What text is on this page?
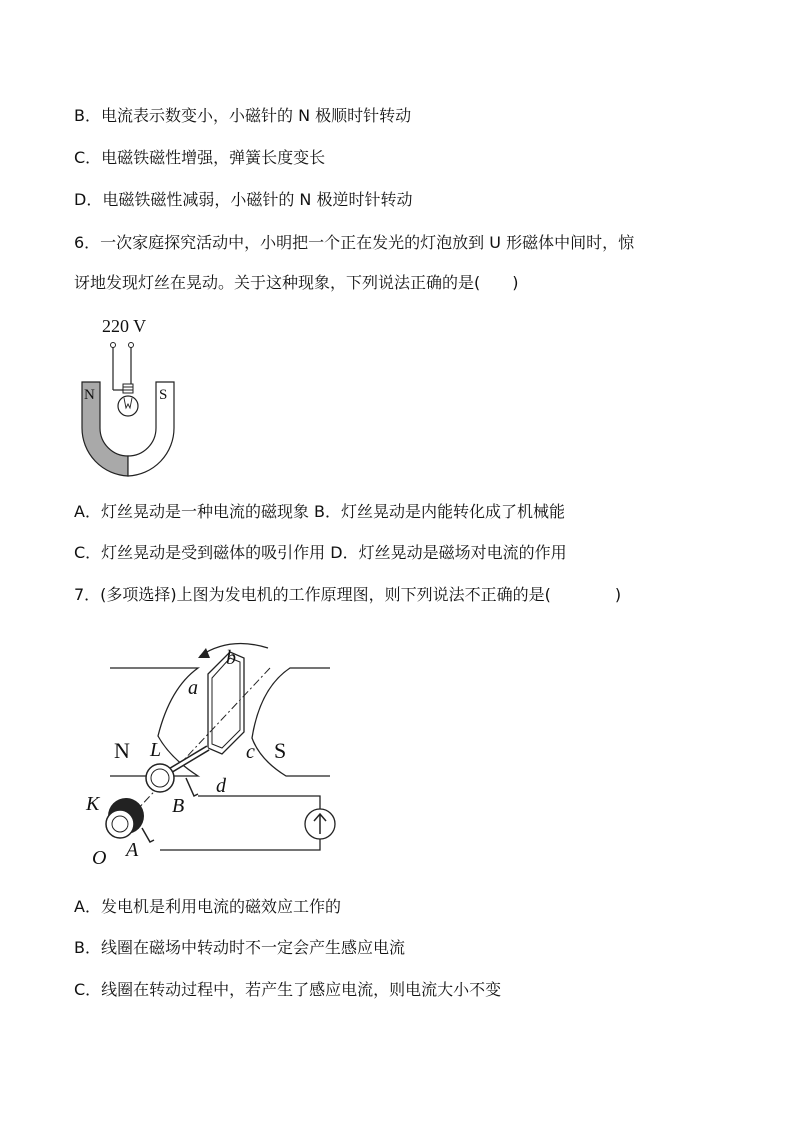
B．电流表示数变小，小磁针的 N 极顺时针转动
C．电磁铁磁性增强，弹簧长度变长
D．电磁铁磁性减弱，小磁针的 N 极逆时针转动
6．一次家庭探究活动中，小明把一个正在发光的灯泡放到 U 形磁体中间时，惊
讶地发现灯丝在晃动。关于这种现象，下列说法正确的是(　　)
220 V
N	S
A．灯丝晃动是一种电流的磁现象 B．灯丝晃动是内能转化成了机械能
C．灯丝晃动是受到磁体的吸引作用 D．灯丝晃动是磁场对电流的作用
7．(多项选择)上图为发电机的工作原理图，则下列说法不正确的是(　　　　)
b
a
N	S
L	c
d
K	B
O A
A．发电机是利用电流的磁效应工作的
B．线圈在磁场中转动时不一定会产生感应电流
C．线圈在转动过程中，若产生了感应电流，则电流大小不变
